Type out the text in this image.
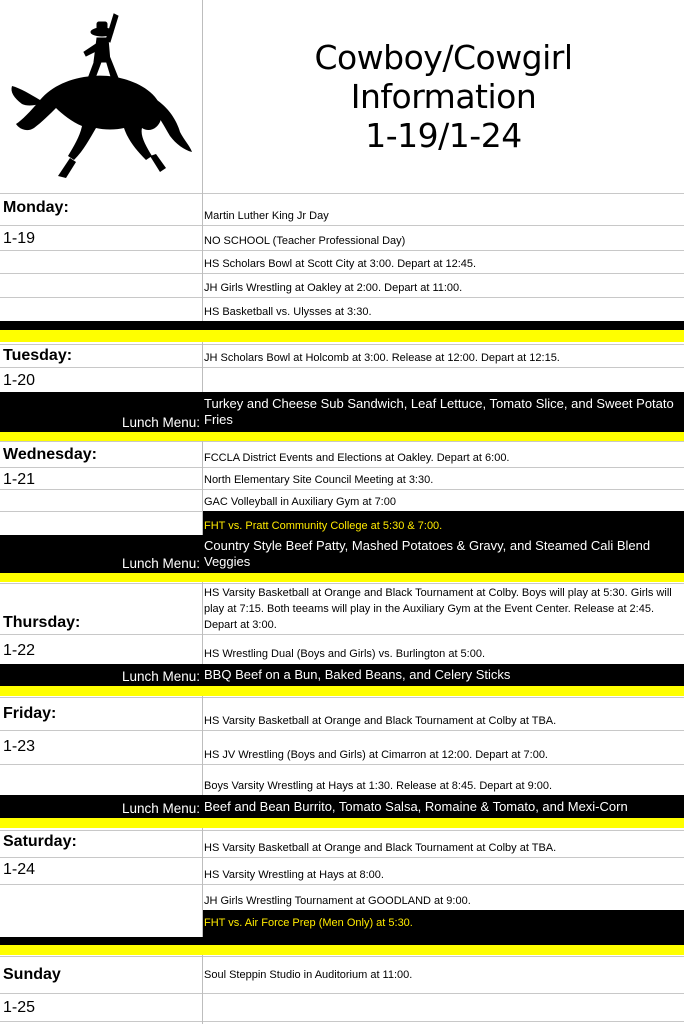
Cowboy/Cowgirl
Information
1-19/1-24
Monday:
1-19
Martin Luther King Jr Day
NO SCHOOL (Teacher Professional Day)
HS Scholars Bowl at Scott City at 3:00. Depart at 12:45.
JH Girls Wrestling at Oakley at 2:00. Depart at 11:00.
HS Basketball vs. Ulysses at 3:30.
Tuesday:
1-20
JH Scholars Bowl at Holcomb at 3:00. Release at 12:00. Depart at 12:15.
Lunch Menu:
Turkey and Cheese Sub Sandwich, Leaf Lettuce, Tomato Slice, and Sweet Potato Fries
Wednesday:
1-21
FCCLA District Events and Elections at Oakley. Depart at 6:00.
North Elementary Site Council Meeting at 3:30.
GAC Volleyball in Auxiliary Gym at 7:00
FHT vs. Pratt Community College at 5:30 & 7:00.
Lunch Menu:
Country Style Beef Patty, Mashed Potatoes & Gravy, and Steamed Cali Blend Veggies
Thursday:
1-22
HS Varsity Basketball at Orange and Black Tournament at Colby. Boys will play at 5:30. Girls will play at 7:15. Both teeams will play in the Auxiliary Gym at the Event Center. Release at 2:45. Depart at 3:00.
HS Wrestling Dual (Boys and Girls) vs. Burlington at 5:00.
Lunch Menu: BBQ Beef on a Bun, Baked Beans, and Celery Sticks
Friday:
1-23
HS Varsity Basketball at Orange and Black Tournament at Colby at TBA.
HS JV Wrestling (Boys and Girls) at Cimarron at 12:00. Depart at 7:00.
Boys Varsity Wrestling at Hays at 1:30. Release at 8:45. Depart at 9:00.
Lunch Menu: Beef and Bean Burrito, Tomato Salsa, Romaine & Tomato, and Mexi-Corn
Saturday:
1-24
HS Varsity Basketball at Orange and Black Tournament at Colby at TBA.
HS Varsity Wrestling at Hays at 8:00.
JH Girls Wrestling Tournament at GOODLAND at 9:00.
FHT vs. Air Force Prep (Men Only) at 5:30.
Sunday
1-25
Soul Steppin Studio in Auditorium at 11:00.
